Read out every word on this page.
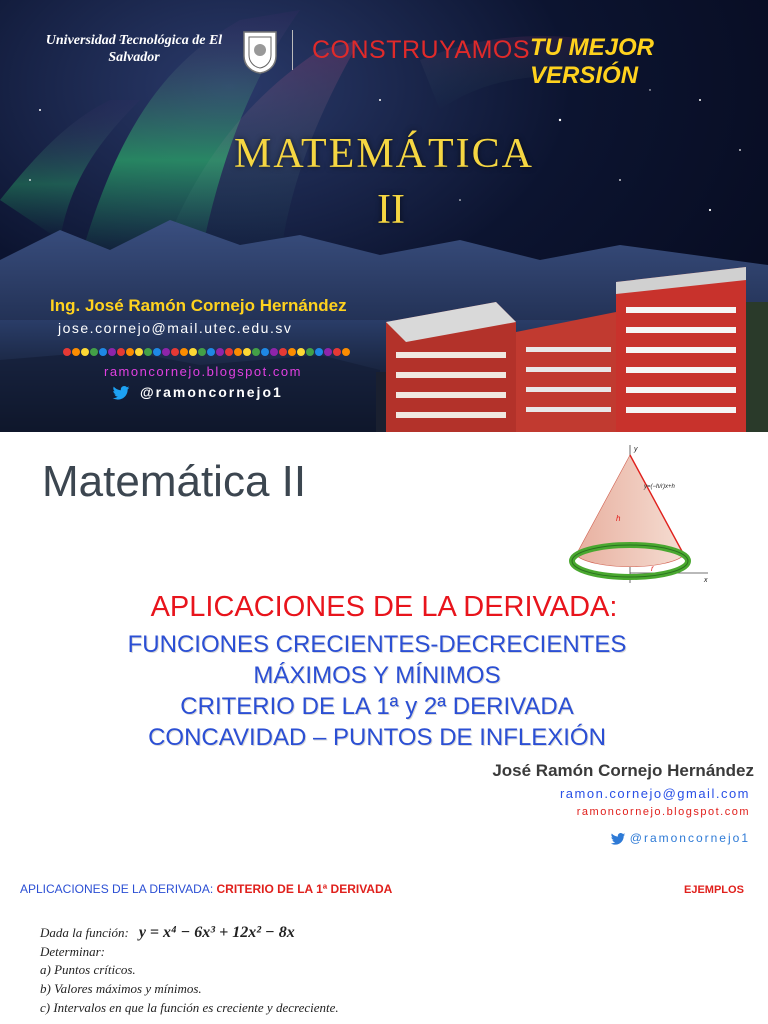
Universidad Tecnológica de El Salvador	CONSTRUYAMOS TU MEJOR VERSIÓN
MATEMÁTICA
II
Ing. José Ramón Cornejo Hernández
jose.cornejo@mail.utec.edu.sv
ramoncornejo.blogspot.com
@ramoncornejo1
Matemática II
y
x
y=(−h/r)x+h
h
r
APLICACIONES DE LA DERIVADA:
FUNCIONES CRECIENTES-DECRECIENTES
MÁXIMOS Y MÍNIMOS
CRITERIO DE LA 1ª y 2ª DERIVADA
CONCAVIDAD – PUNTOS DE INFLEXIÓN
José Ramón Cornejo Hernández
ramon.cornejo@gmail.com
ramoncornejo.blogspot.com
@ramoncornejo1
APLICACIONES DE LA DERIVADA: CRITERIO DE LA 1ª DERIVADA	EJEMPLOS
Dada la función: y = x⁴ − 6x³ + 12x² − 8x
Determinar:
a) Puntos críticos.
b) Valores máximos y mínimos.
c) Intervalos en que la función es creciente y decreciente.
